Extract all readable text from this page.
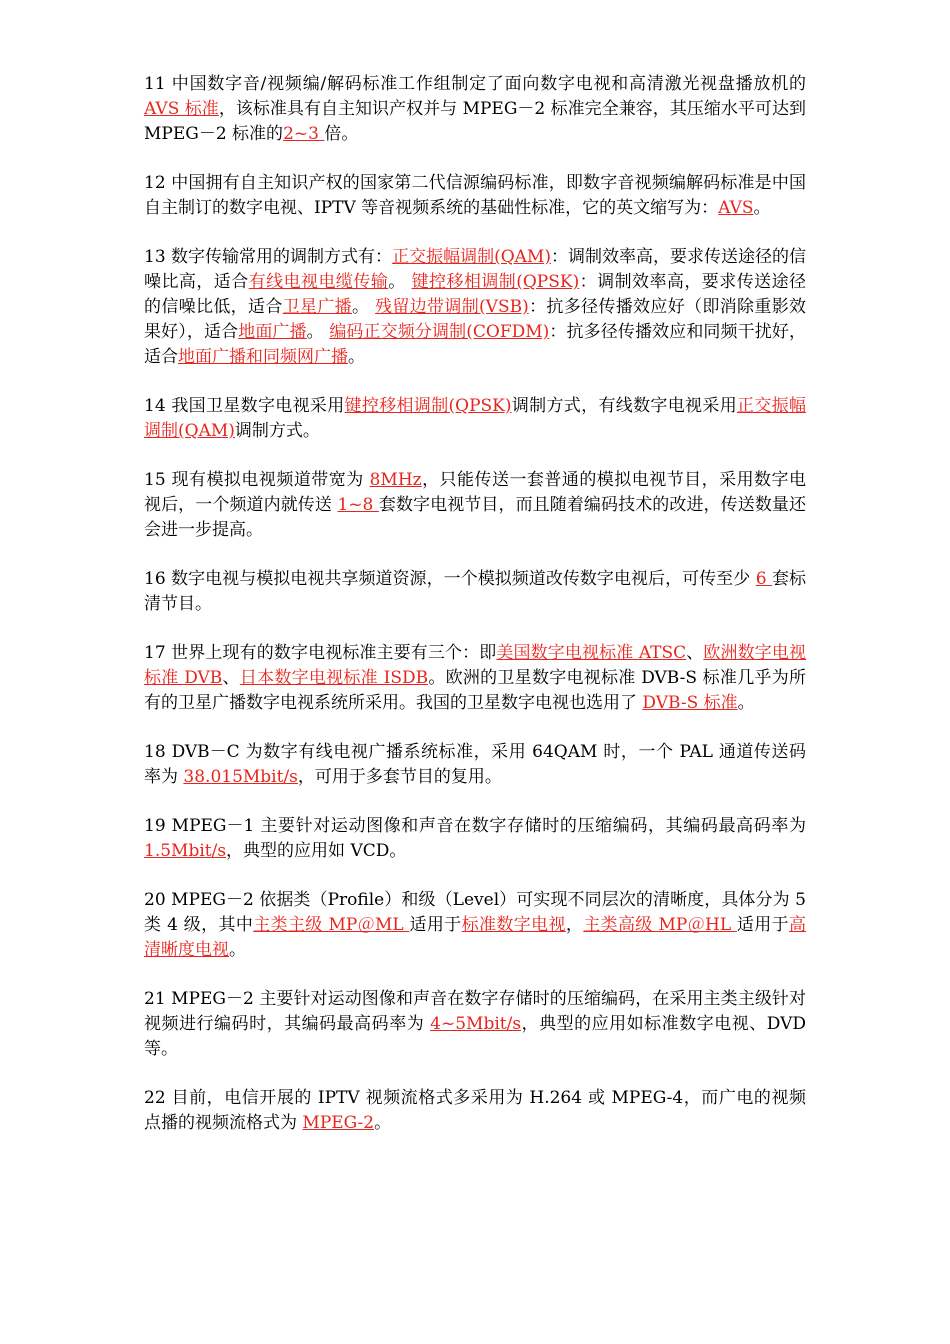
11 中国数字音/视频编/解码标准工作组制定了面向数字电视和高清激光视盘播放机的AVS 标准，该标准具有自主知识产权并与 MPEG－2 标准完全兼容，其压缩水平可达到 MPEG－2 标准的2~3 倍。

12 中国拥有自主知识产权的国家第二代信源编码标准，即数字音视频编解码标准是中国自主制订的数字电视、IPTV 等音视频系统的基础性标准，它的英文缩写为：AVS。

13 数字传输常用的调制方式有：正交振幅调制(QAM)：调制效率高，要求传送途径的信噪比高，适合有线电视电缆传输。 键控移相调制(QPSK)：调制效率高，要求传送途径的信噪比低，适合卫星广播。 残留边带调制(VSB)：抗多径传播效应好（即消除重影效果好），适合地面广播。 编码正交频分调制(COFDM)：抗多径传播效应和同频干扰好，适合地面广播和同频网广播。

14 我国卫星数字电视采用键控移相调制(QPSK)调制方式，有线数字电视采用正交振幅调制(QAM)调制方式。

15 现有模拟电视频道带宽为 8MHz，只能传送一套普通的模拟电视节目，采用数字电视后，一个频道内就传送 1~8 套数字电视节目，而且随着编码技术的改进，传送数量还会进一步提高。

16 数字电视与模拟电视共享频道资源，一个模拟频道改传数字电视后，可传至少 6 套标清节目。

17 世界上现有的数字电视标准主要有三个：即美国数字电视标准 ATSC、欧洲数字电视标准 DVB、日本数字电视标准 ISDB。欧洲的卫星数字电视标准 DVB-S 标准几乎为所有的卫星广播数字电视系统所采用。我国的卫星数字电视也选用了 DVB-S 标准。

18 DVB－C 为数字有线电视广播系统标准，采用 64QAM 时，一个 PAL 通道传送码率为 38.015Mbit/s，可用于多套节目的复用。

19 MPEG－1 主要针对运动图像和声音在数字存储时的压缩编码，其编码最高码率为 1.5Mbit/s，典型的应用如 VCD。

20 MPEG－2 依据类（Profile）和级（Level）可实现不同层次的清晰度，具体分为 5 类 4 级，其中主类主级 MP＠ML 适用于标准数字电视，主类高级 MP＠HL 适用于高清晰度电视。

21 MPEG－2 主要针对运动图像和声音在数字存储时的压缩编码，在采用主类主级针对视频进行编码时，其编码最高码率为 4~5Mbit/s，典型的应用如标准数字电视、DVD 等。

22 目前，电信开展的 IPTV 视频流格式多采用为 H.264 或 MPEG-4，而广电的视频点播的视频流格式为 MPEG-2。
